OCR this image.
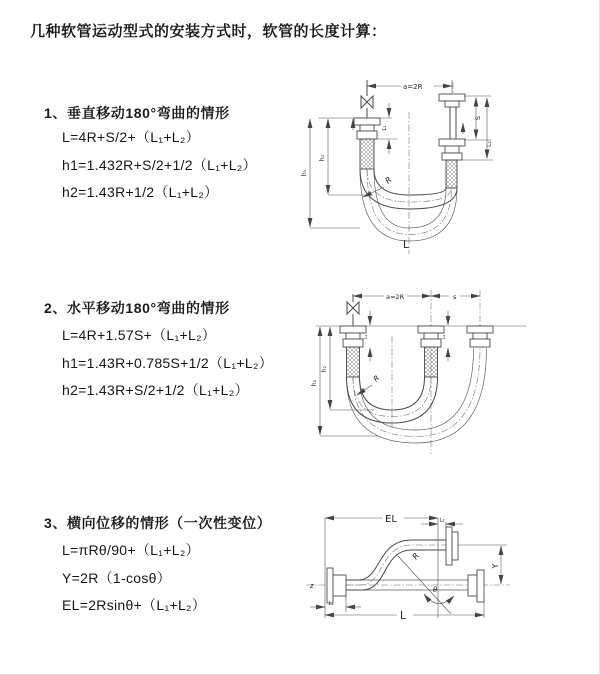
几种软管运动型式的安装方式时，软管的长度计算：
1、垂直移动180°弯曲的情形
L=4R+S/2+（L₁+L₂）
h1=1.432R+S/2+1/2（L₁+L₂）
h2=1.43R+1/2（L₁+L₂）
2、水平移动180°弯曲的情形
L=4R+1.57S+（L₁+L₂）
h1=1.43R+0.785S+1/2（L₁+L₂）
h2=1.43R+S/2+1/2（L₁+L₂）
3、横向位移的情形（一次性变位）
L=πRθ/90+（L₁+L₂）
Y=2R（1-cosθ）
EL=2Rsinθ+（L₁+L₂）
a=2R
S
L₂
L₁
h₂
h₁
R
L
a=2R	s
L₁	L₂
h₂
h₁	R
EL	L₂
Y
R
θ
L
L₁
z
